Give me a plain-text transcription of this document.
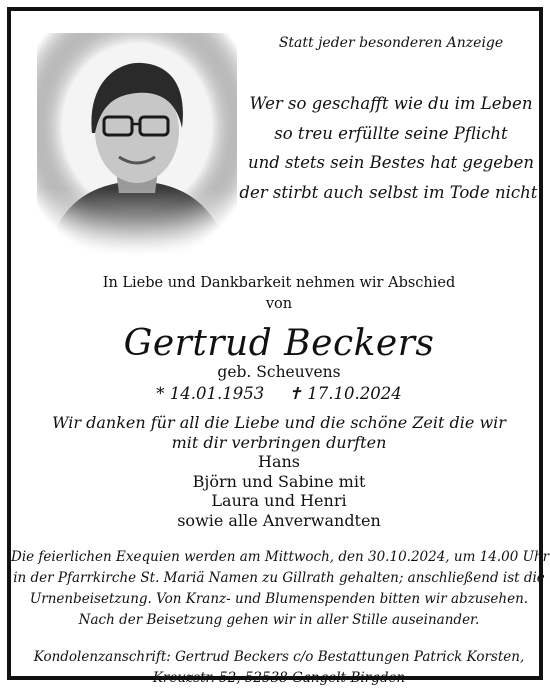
Statt jeder besonderen Anzeige
Wer so geschafft wie du im Leben
so treu erfüllte seine Pflicht
und stets sein Bestes hat gegeben
der stirbt auch selbst im Tode nicht.
In Liebe und Dankbarkeit nehmen wir Abschied
von
Gertrud Beckers
geb. Scheuvens
* 14.01.1953 ✝ 17.10.2024
Wir danken für all die Liebe und die schöne Zeit die wir
mit dir verbringen durften
Hans
Björn und Sabine mit
Laura und Henri
sowie alle Anverwandten
Die feierlichen Exequien werden am Mittwoch, den 30.10.2024, um 14.00 Uhr
in der Pfarrkirche St. Mariä Namen zu Gillrath gehalten; anschließend ist die
Urnenbeisetzung. Von Kranz- und Blumenspenden bitten wir abzusehen.
Nach der Beisetzung gehen wir in aller Stille auseinander.
Kondolenzanschrift: Gertrud Beckers c/o Bestattungen Patrick Korsten,
Kreuzstr. 52, 52538 Gangelt-Birgden
